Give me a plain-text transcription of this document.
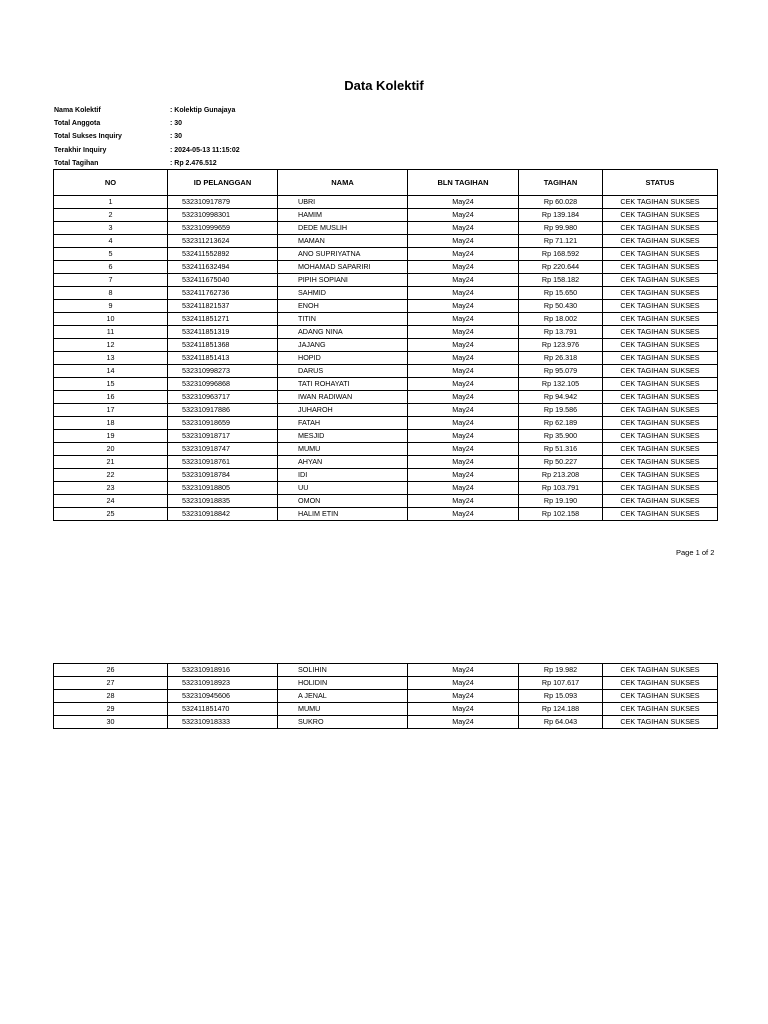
Data Kolektif
Nama Kolektif	: Kolektip Gunajaya
Total Anggota	: 30
Total Sukses Inquiry	: 30
Terakhir Inquiry	: 2024-05-13 11:15:02
Total Tagihan	: Rp 2.476.512
NO	ID PELANGGAN	NAMA	BLN TAGIHAN	TAGIHAN	STATUS
1	532310917879	UBRI	May24	Rp 60.028	CEK TAGIHAN SUKSES
2	532310998301	HAMIM	May24	Rp 139.184	CEK TAGIHAN SUKSES
3	532310999659	DEDE MUSLIH	May24	Rp 99.980	CEK TAGIHAN SUKSES
4	532311213624	MAMAN	May24	Rp 71.121	CEK TAGIHAN SUKSES
5	532411552892	ANO SUPRIYATNA	May24	Rp 168.592	CEK TAGIHAN SUKSES
6	532411632494	MOHAMAD SAPARIRI	May24	Rp 220.644	CEK TAGIHAN SUKSES
7	532411675040	PIPIH SOPIANI	May24	Rp 158.182	CEK TAGIHAN SUKSES
8	532411762736	SAHMID	May24	Rp 15.650	CEK TAGIHAN SUKSES
9	532411821537	ENOH	May24	Rp 50.430	CEK TAGIHAN SUKSES
10	532411851271	TITIN	May24	Rp 18.002	CEK TAGIHAN SUKSES
11	532411851319	ADANG NINA	May24	Rp 13.791	CEK TAGIHAN SUKSES
12	532411851368	JAJANG	May24	Rp 123.976	CEK TAGIHAN SUKSES
13	532411851413	HOPID	May24	Rp 26.318	CEK TAGIHAN SUKSES
14	532310998273	DARUS	May24	Rp 95.079	CEK TAGIHAN SUKSES
15	532310996868	TATI ROHAYATI	May24	Rp 132.105	CEK TAGIHAN SUKSES
16	532310963717	IWAN RADIWAN	May24	Rp 94.942	CEK TAGIHAN SUKSES
17	532310917886	JUHAROH	May24	Rp 19.586	CEK TAGIHAN SUKSES
18	532310918659	FATAH	May24	Rp 62.189	CEK TAGIHAN SUKSES
19	532310918717	MESJID	May24	Rp 35.900	CEK TAGIHAN SUKSES
20	532310918747	MUMU	May24	Rp 51.316	CEK TAGIHAN SUKSES
21	532310918761	AHYAN	May24	Rp 50.227	CEK TAGIHAN SUKSES
22	532310918784	IDI	May24	Rp 213.208	CEK TAGIHAN SUKSES
23	532310918805	UU	May24	Rp 103.791	CEK TAGIHAN SUKSES
24	532310918835	OMON	May24	Rp 19.190	CEK TAGIHAN SUKSES
25	532310918842	HALIM ETIN	May24	Rp 102.158	CEK TAGIHAN SUKSES
Page 1 of 2
26	532310918916	SOLIHIN	May24	Rp 19.982	CEK TAGIHAN SUKSES
27	532310918923	HOLIDIN	May24	Rp 107.617	CEK TAGIHAN SUKSES
28	532310945606	A JENAL	May24	Rp 15.093	CEK TAGIHAN SUKSES
29	532411851470	MUMU	May24	Rp 124.188	CEK TAGIHAN SUKSES
30	532310918333	SUKRO	May24	Rp 64.043	CEK TAGIHAN SUKSES
